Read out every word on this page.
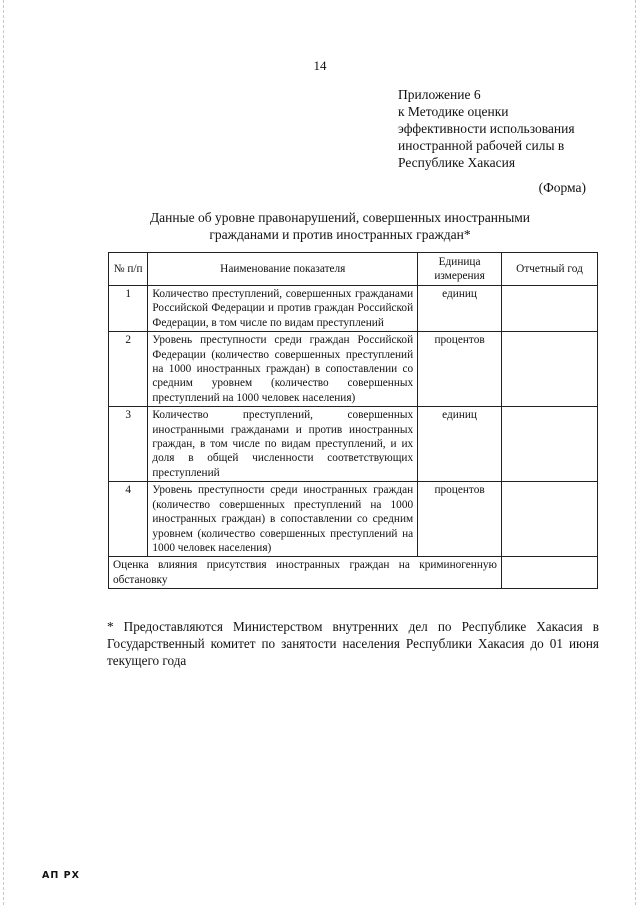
14
Приложение 6
к Методике оценки
эффективности использования
иностранной рабочей силы в
Республике Хакасия
(Форма)
Данные об уровне правонарушений, совершенных иностранными
гражданами и против иностранных граждан*
№ п/п	Наименование показателя	Единица измерения	Отчетный год
1	Количество преступлений, совершенных гражданами Российской Федерации и против граждан Российской Федерации, в том числе по видам преступлений	единиц	
2	Уровень преступности среди граждан Российской Федерации (количество совершенных преступлений на 1000 иностранных граждан) в сопоставлении со средним уровнем (количество совершенных преступлений на 1000 человек населения)	процентов	
3	Количество преступлений, совершенных иностранными гражданами и против иностранных граждан, в том числе по видам преступлений, и их доля в общей численности соответствующих преступлений	единиц	
4	Уровень преступности среди иностранных граждан (количество совершенных преступлений на 1000 иностранных граждан) в сопоставлении со средним уровнем (количество совершенных преступлений на 1000 человек населения)	процентов	
Оценка влияния присутствия иностранных граждан на криминогенную обстановку			
* Предоставляются Министерством внутренних дел по Республике Хакасия в Государственный комитет по занятости населения Республики Хакасия до 01 июня текущего года
АП РХ
